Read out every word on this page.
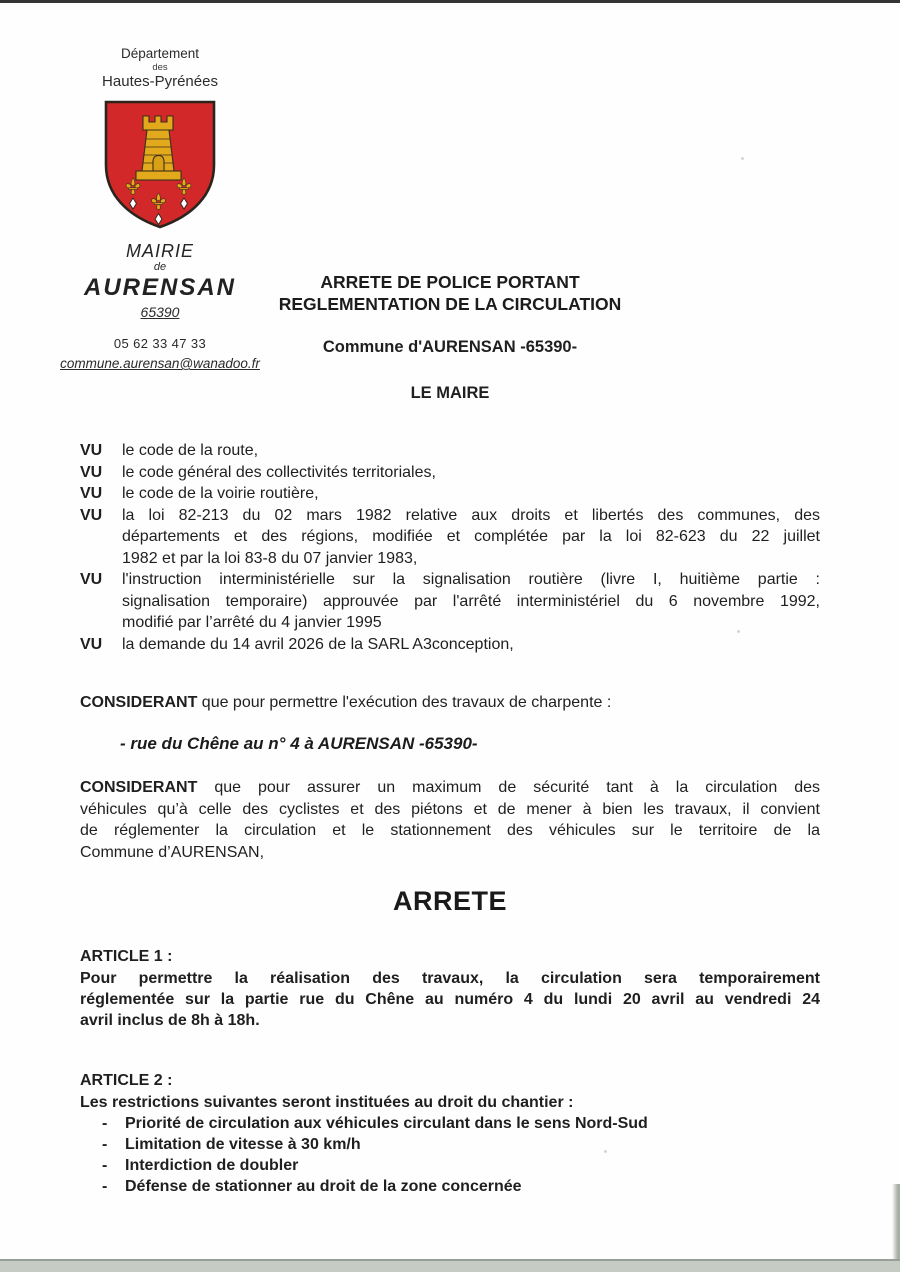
Département
des
Hautes-Pyrénées
MAIRIE
de
AURENSAN
65390
05 62 33 47 33
commune.aurensan@wanadoo.fr
ARRETE DE POLICE PORTANT
REGLEMENTATION DE LA CIRCULATION
Commune d'AURENSAN -65390-
LE MAIRE
VU le code de la route,
VU le code général des collectivités territoriales,
VU le code de la voirie routière,
VU la loi 82-213 du 02 mars 1982 relative aux droits et libertés des communes, des
départements et des régions, modifiée et complétée par la loi 82-623 du 22 juillet
1982 et par la loi 83-8 du 07 janvier 1983,
VU l'instruction interministérielle sur la signalisation routière (livre I, huitième partie :
signalisation temporaire) approuvée par l'arrêté interministériel du 6 novembre 1992,
modifié par l’arrêté du 4 janvier 1995
VU la demande du 14 avril 2026 de la SARL A3conception,
CONSIDERANT que pour permettre l'exécution des travaux de charpente :
- rue du Chêne au n° 4 à AURENSAN -65390-
CONSIDERANT que pour assurer un maximum de sécurité tant à la circulation des
véhicules qu’à celle des cyclistes et des piétons et de mener à bien les travaux, il convient
de réglementer la circulation et le stationnement des véhicules sur le territoire de la
Commune d’AURENSAN,
ARRETE
ARTICLE 1 :
Pour permettre la réalisation des travaux, la circulation sera temporairement
réglementée sur la partie rue du Chêne au numéro 4 du lundi 20 avril au vendredi 24
avril inclus de 8h à 18h.
ARTICLE 2 :
Les restrictions suivantes seront instituées au droit du chantier :
- Priorité de circulation aux véhicules circulant dans le sens Nord-Sud
- Limitation de vitesse à 30 km/h
- Interdiction de doubler
- Défense de stationner au droit de la zone concernée
